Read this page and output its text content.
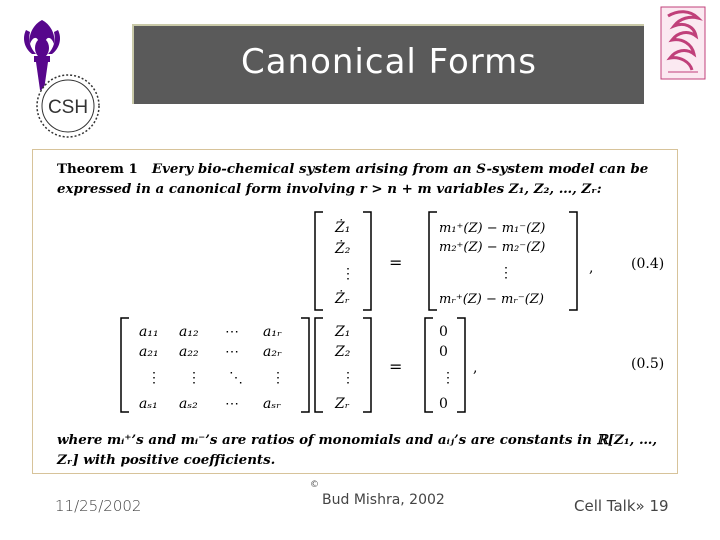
CSH
Canonical Forms
Theorem 1 Every bio-chemical system arising from an S-system model can be expressed in a canonical form involving r > n + m variables Z₁, Z₂, …, Zᵣ:
Ż₁
Ż₂
⋮
Żᵣ
=
m₁⁺(Z) − m₁⁻(Z)
m₂⁺(Z) − m₂⁻(Z)
⋮
mᵣ⁺(Z) − mᵣ⁻(Z)
,	(0.4)
a₁₁ a₁₂ ⋯ a₁ᵣ
a₂₁ a₂₂ ⋯ a₂ᵣ
⋮ ⋮ ⋱ ⋮
aₛ₁ aₛ₂ ⋯ aₛᵣ
Z₁
Z₂
⋮
Zᵣ
=
0
0
⋮
0
,	(0.5)
where mᵢ⁺’s and mᵢ⁻’s are ratios of monomials and aᵢⱼ’s are constants in ℝ[Z₁, …,
Zᵣ] with positive coefficients.
11/25/2002
©
Bud Mishra, 2002	Cell Talk» 19
